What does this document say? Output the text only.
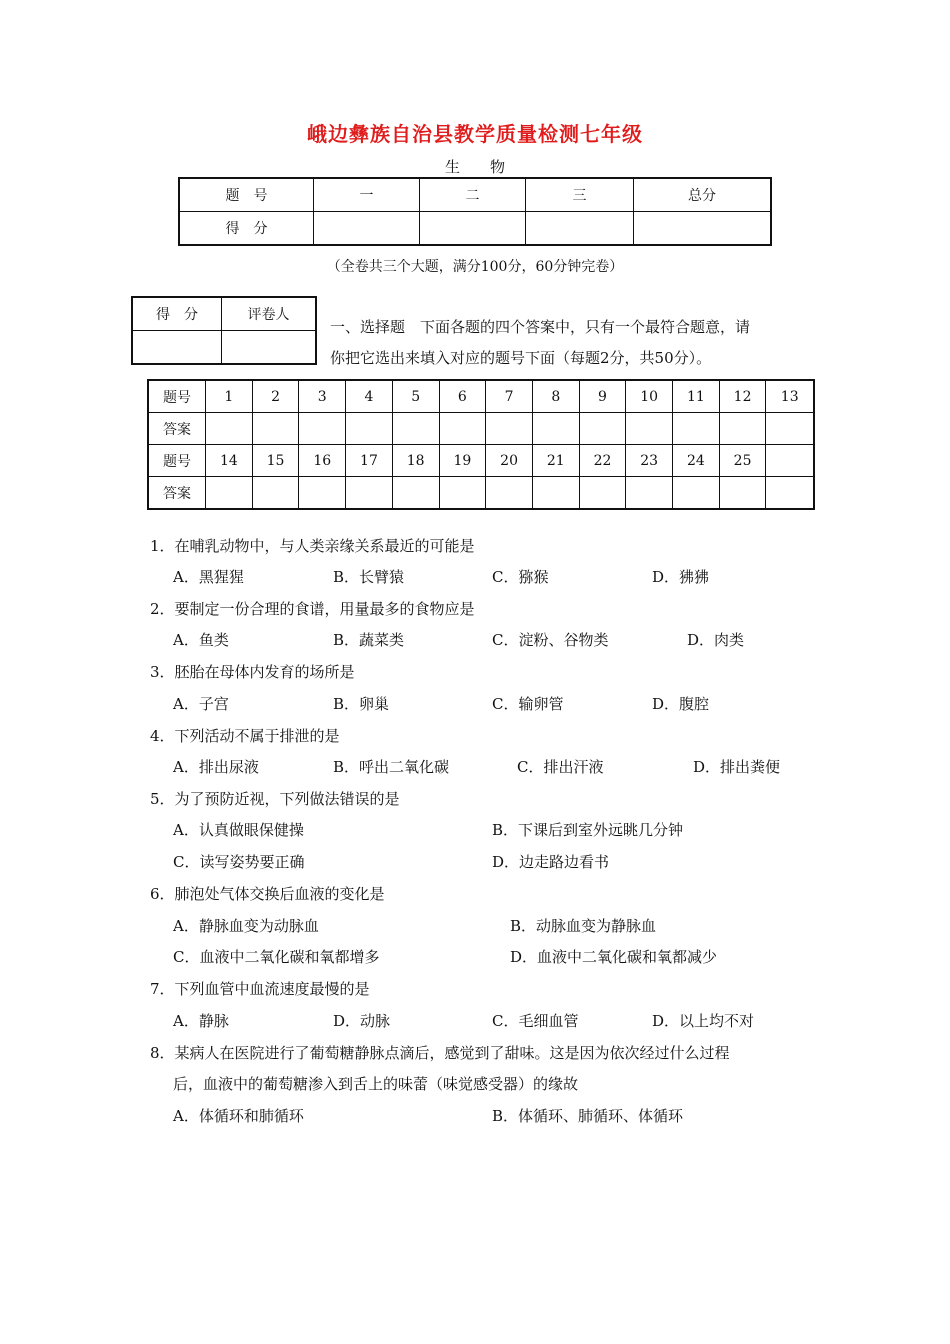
峨边彝族自治县教学质量检测七年级
生　　物
题　号	一	二	三	总分
得　分				
（全卷共三个大题，满分100分，60分钟完卷）
得　分	评卷人

一、选择题　下面各题的四个答案中，只有一个最符合题意，请
你把它选出来填入对应的题号下面（每题2分，共50分）。
题号	1	2	3	4	5	6	7	8	9	10	11	12	13
答案													
题号	14	15	16	17	18	19	20	21	22	23	24	25	
答案													
1．在哺乳动物中，与人类亲缘关系最近的可能是
A．黑猩猩	B．长臂猿	C．猕猴	D．狒狒
2．要制定一份合理的食谱，用量最多的食物应是
A．鱼类	B．蔬菜类	C．淀粉、谷物类	D．肉类
3．胚胎在母体内发育的场所是
A．子宫	B．卵巢	C．输卵管	D．腹腔
4．下列活动不属于排泄的是
A．排出尿液	B．呼出二氧化碳	C．排出汗液	D．排出粪便
5．为了预防近视，下列做法错误的是
A．认真做眼保健操	B．下课后到室外远眺几分钟
C．读写姿势要正确	D．边走路边看书
6．肺泡处气体交换后血液的变化是
A．静脉血变为动脉血	B．动脉血变为静脉血
C．血液中二氧化碳和氧都增多	D．血液中二氧化碳和氧都减少
7．下列血管中血流速度最慢的是
A．静脉	D．动脉	C．毛细血管	D．以上均不对
8．某病人在医院进行了葡萄糖静脉点滴后，感觉到了甜味。这是因为依次经过什么过程
后，血液中的葡萄糖渗入到舌上的味蕾（味觉感受器）的缘故
A．体循环和肺循环	B．体循环、肺循环、体循环
